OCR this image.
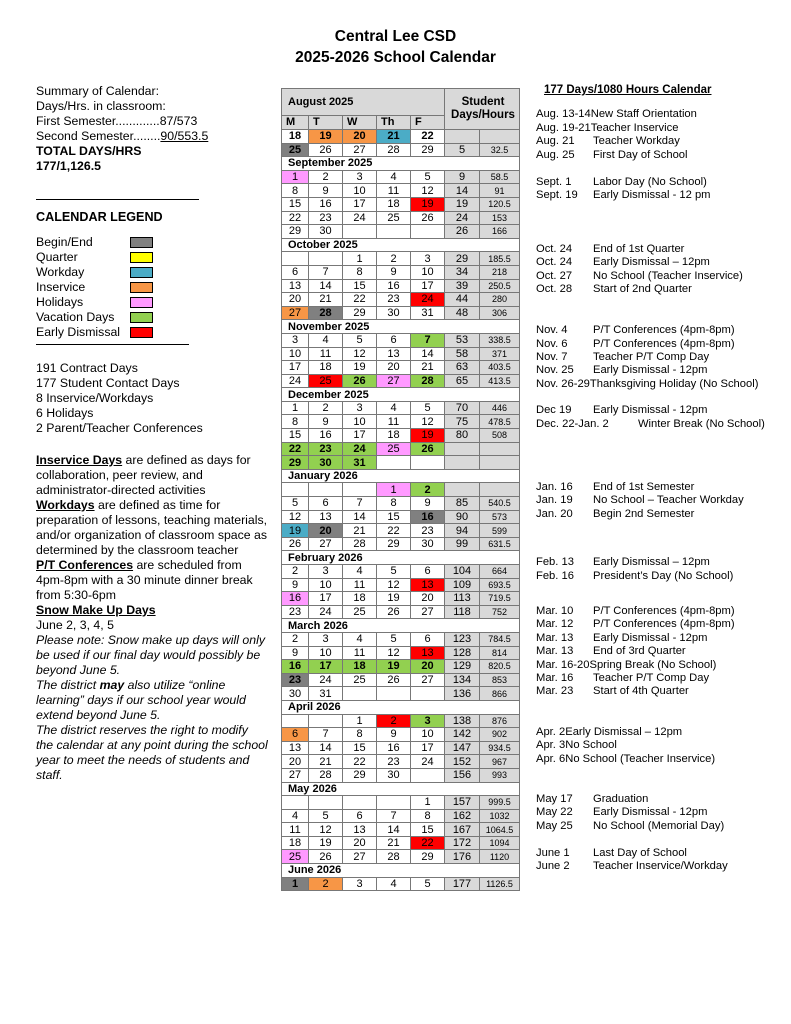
Central Lee CSD
2025-2026 School Calendar

Summary of Calendar:

Days/Hrs. in classroom:

First Semester.............87/573

Second Semester........90/553.5

TOTAL DAYS/HRS

177/1,126.5

CALENDAR LEGEND

Begin/End
Quarter
Workday
Inservice
Holidays
Vacation Days
Early Dismissal

191 Contract Days

177 Student Contact Days

8 Inservice/Workdays

6 Holidays

2 Parent/Teacher Conferences

Inservice Days are defined as days for collaboration, peer review, and administrator-directed activities

Workdays are defined as time for preparation of lessons, teaching materials, and/or organization of classroom space as determined by the classroom teacher

P/T Conferences are scheduled from 4pm-8pm with a 30 minute dinner break from 5:30-6pm

Snow Make Up Days

June 2, 3, 4, 5

Please note: Snow make up days will only be used if our final day would possibly be beyond June 5.

The district may also utilize “online learning” days if our school year would extend beyond June 5.

The district reserves the right to modify the calendar at any point during the school year to meet the needs of students and staff.

August 2025					Student
Days/Hours	

M	T	W	Th	F		
18	19	20	21	22		
25	26	27	28	29	5	32.5
September 2025						
1	2	3	4	5	9	58.5
8	9	10	11	12	14	91
15	16	17	18	19	19	120.5
22	23	24	25	26	24	153
29	30				26	166
October 2025						
		1	2	3	29	185.5
6	7	8	9	10	34	218
13	14	15	16	17	39	250.5
20	21	22	23	24	44	280
27	28	29	30	31	48	306
November 2025						
3	4	5	6	7	53	338.5
10	11	12	13	14	58	371
17	18	19	20	21	63	403.5
24	25	26	27	28	65	413.5
December 2025						
1	2	3	4	5	70	446
8	9	10	11	12	75	478.5
15	16	17	18	19	80	508
22	23	24	25	26		
29	30	31				
January 2026						
			1	2		
5	6	7	8	9	85	540.5
12	13	14	15	16	90	573
19	20	21	22	23	94	599
26	27	28	29	30	99	631.5
February 2026						
2	3	4	5	6	104	664
9	10	11	12	13	109	693.5
16	17	18	19	20	113	719.5
23	24	25	26	27	118	752
March 2026						
2	3	4	5	6	123	784.5
9	10	11	12	13	128	814
16	17	18	19	20	129	820.5
23	24	25	26	27	134	853
30	31				136	866
April 2026						
		1	2	3	138	876
6	7	8	9	10	142	902
13	14	15	16	17	147	934.5
20	21	22	23	24	152	967
27	28	29	30		156	993
May 2026						
				1	157	999.5
4	5	6	7	8	162	1032
11	12	13	14	15	167	1064.5
18	19	20	21	22	172	1094
25	26	27	28	29	176	1120
June 2026						
1	2	3	4	5	177	1126.5
177 Days/1080 Hours Calendar
Aug. 13-14 New Staff Orientation
Aug. 19-21 Teacher Inservice
Aug. 21	Teacher Workday
Aug. 25	First Day of School
Sept. 1	Labor Day (No School)
Sept. 19	Early Dismissal - 12 pm
Oct. 24	End of 1st Quarter
Oct. 24	Early Dismissal – 12pm
Oct. 27	No School (Teacher Inservice)
Oct. 28	Start of 2nd Quarter
Nov. 4	P/T Conferences (4pm-8pm)
Nov. 6	P/T Conferences (4pm-8pm)
Nov. 7	Teacher P/T Comp Day
Nov. 25	Early Dismissal - 12pm
Nov. 26-29 Thanksgiving Holiday (No School)
Dec 19	Early Dismissal - 12pm
Dec. 22-Jan. 2	Winter Break (No School)
Jan. 16	End of 1st Semester
Jan. 19	No School – Teacher Workday
Jan. 20	Begin 2nd Semester
Feb. 13	Early Dismissal – 12pm
Feb. 16	President’s Day (No School)
Mar. 10	P/T Conferences (4pm-8pm)
Mar. 12	P/T Conferences (4pm-8pm)
Mar. 13	Early Dismissal - 12pm
Mar. 13	End of 3rd Quarter
Mar. 16-20 Spring Break (No School)
Mar. 16	Teacher P/T Comp Day
Mar. 23	Start of 4th Quarter
Apr. 2 Early Dismissal – 12pm
Apr. 3 No School
Apr. 6 No School (Teacher Inservice)
May 17	Graduation
May 22	Early Dismissal - 12pm
May 25	No School (Memorial Day)
June 1	Last Day of School
June 2	Teacher Inservice/Workday
